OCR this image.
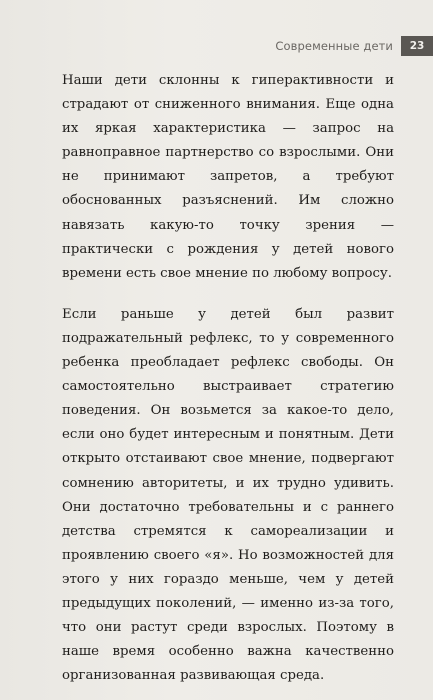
Современные дети	23

Наши дети склонны к гиперактивности и страдают от сниженного внимания. Еще одна их яркая характеристика — запрос на равноправное партнерство со взрослыми. Они не принимают запретов, а требуют обоснованных разъяснений. Им сложно навязать какую-то точку зрения — практически с рождения у детей нового времени есть свое мнение по любому вопросу.

Если раньше у детей был развит подражательный рефлекс, то у современного ребенка преобладает рефлекс свободы. Он самостоятельно выстраивает стратегию поведения. Он возьмется за какое-то дело, если оно будет интересным и понятным. Дети открыто отстаивают свое мнение, подвергают сомнению авторитеты, и их трудно удивить. Они достаточно требовательны и с раннего детства стремятся к самореализации и проявлению своего «я». Но возможностей для этого у них гораздо меньше, чем у детей предыдущих поколений, — именно из-за того, что они растут среди взрослых. Поэтому в наше время особенно важна качественно организованная развивающая среда.
